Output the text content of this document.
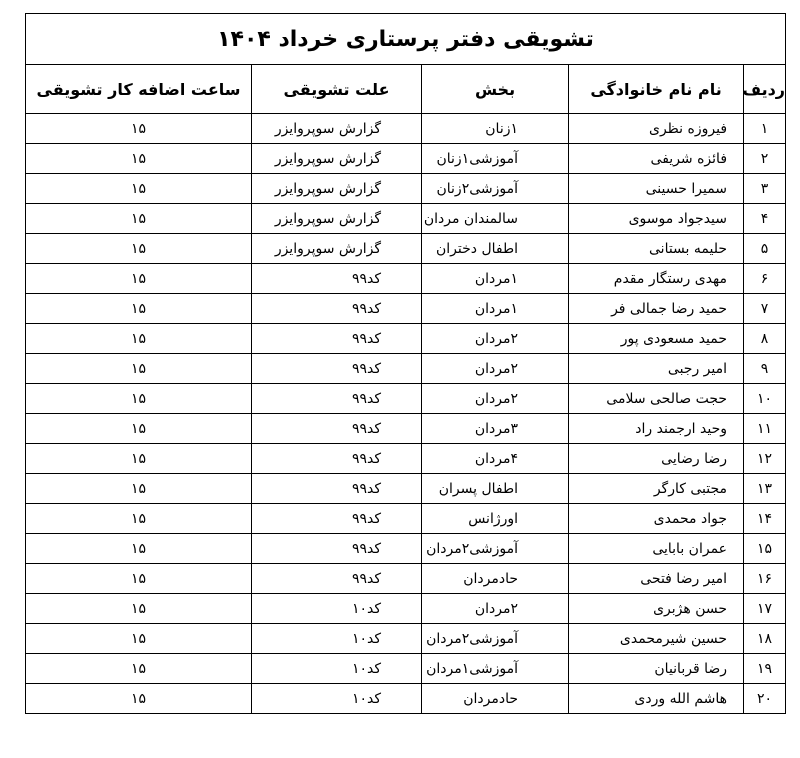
تشویقی دفتر پرستاری خرداد ۱۴۰۴				
ردیف	نام نام خانوادگی	بخش	علت تشویقی	ساعت اضافه کار تشویقی
۱	فیروزه نظری	۱زنان	گزارش سوپروایزر	۱۵
۲	فائزه شریفی	آموزشی۱زنان	گزارش سوپروایزر	۱۵
۳	سمیرا حسینی	آموزشی۲زنان	گزارش سوپروایزر	۱۵
۴	سیدجواد موسوی	سالمندان مردان	گزارش سوپروایزر	۱۵
۵	حلیمه بستانی	اطفال دختران	گزارش سوپروایزر	۱۵
۶	مهدی رستگار مقدم	۱مردان	کد۹۹	۱۵
۷	حمید رضا جمالی فر	۱مردان	کد۹۹	۱۵
۸	حمید مسعودی پور	۲مردان	کد۹۹	۱۵
۹	امیر رجبی	۲مردان	کد۹۹	۱۵
۱۰	حجت صالحی سلامی	۲مردان	کد۹۹	۱۵
۱۱	وحید ارجمند راد	۳مردان	کد۹۹	۱۵
۱۲	رضا رضایی	۴مردان	کد۹۹	۱۵
۱۳	مجتبی کارگر	اطفال پسران	کد۹۹	۱۵
۱۴	جواد محمدی	اورژانس	کد۹۹	۱۵
۱۵	عمران بابایی	آموزشی۲مردان	کد۹۹	۱۵
۱۶	امیر رضا فتحی	حادمردان	کد۹۹	۱۵
۱۷	حسن هژبری	۲مردان	کد۱۰	۱۵
۱۸	حسین شیرمحمدی	آموزشی۲مردان	کد۱۰	۱۵
۱۹	رضا قربانیان	آموزشی۱مردان	کد۱۰	۱۵
۲۰	هاشم الله وردی	حادمردان	کد۱۰	۱۵
